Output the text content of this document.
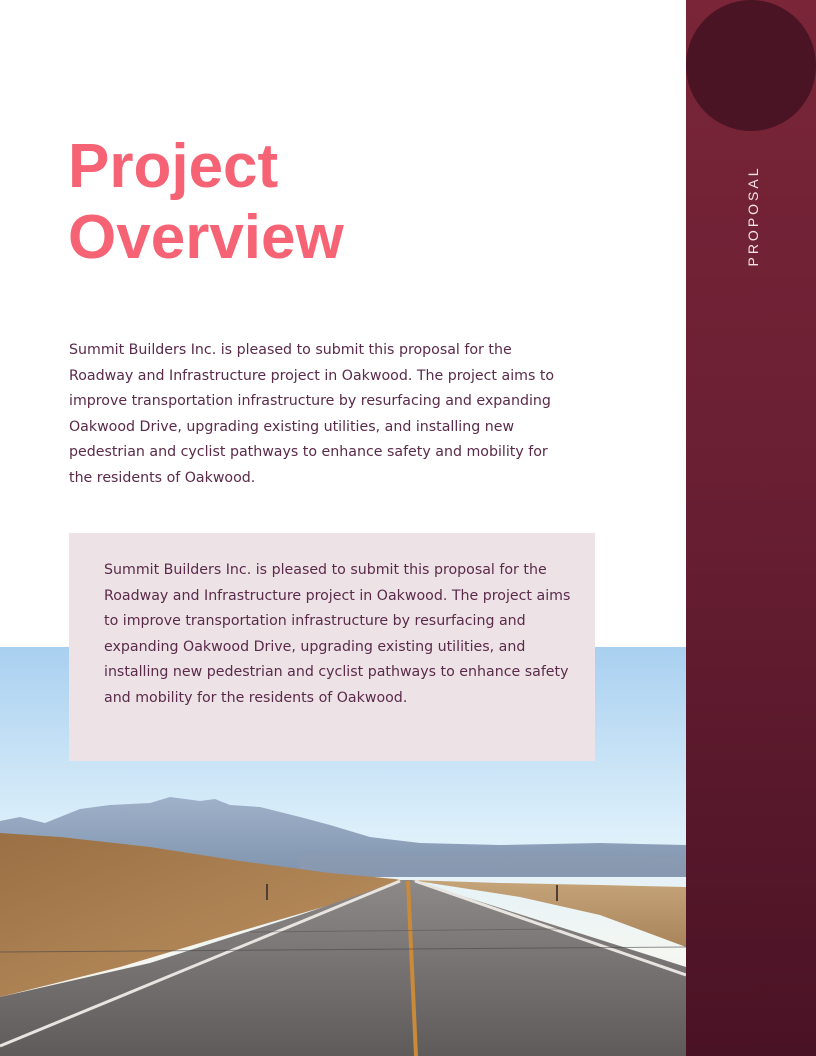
Project
Overview

Summit Builders Inc. is pleased to submit this proposal for the Roadway and Infrastructure project in Oakwood. The project aims to improve transportation infrastructure by resurfacing and expanding Oakwood Drive, upgrading existing utilities, and installing new pedestrian and cyclist pathways to enhance safety and mobility for the residents of Oakwood.

Summit Builders Inc. is pleased to submit this proposal for the Roadway and Infrastructure project in Oakwood. The project aims to improve transportation infrastructure by resurfacing and expanding Oakwood Drive, upgrading existing utilities, and installing new pedestrian and cyclist pathways to enhance safety and mobility for the residents of Oakwood.

PROPOSAL
